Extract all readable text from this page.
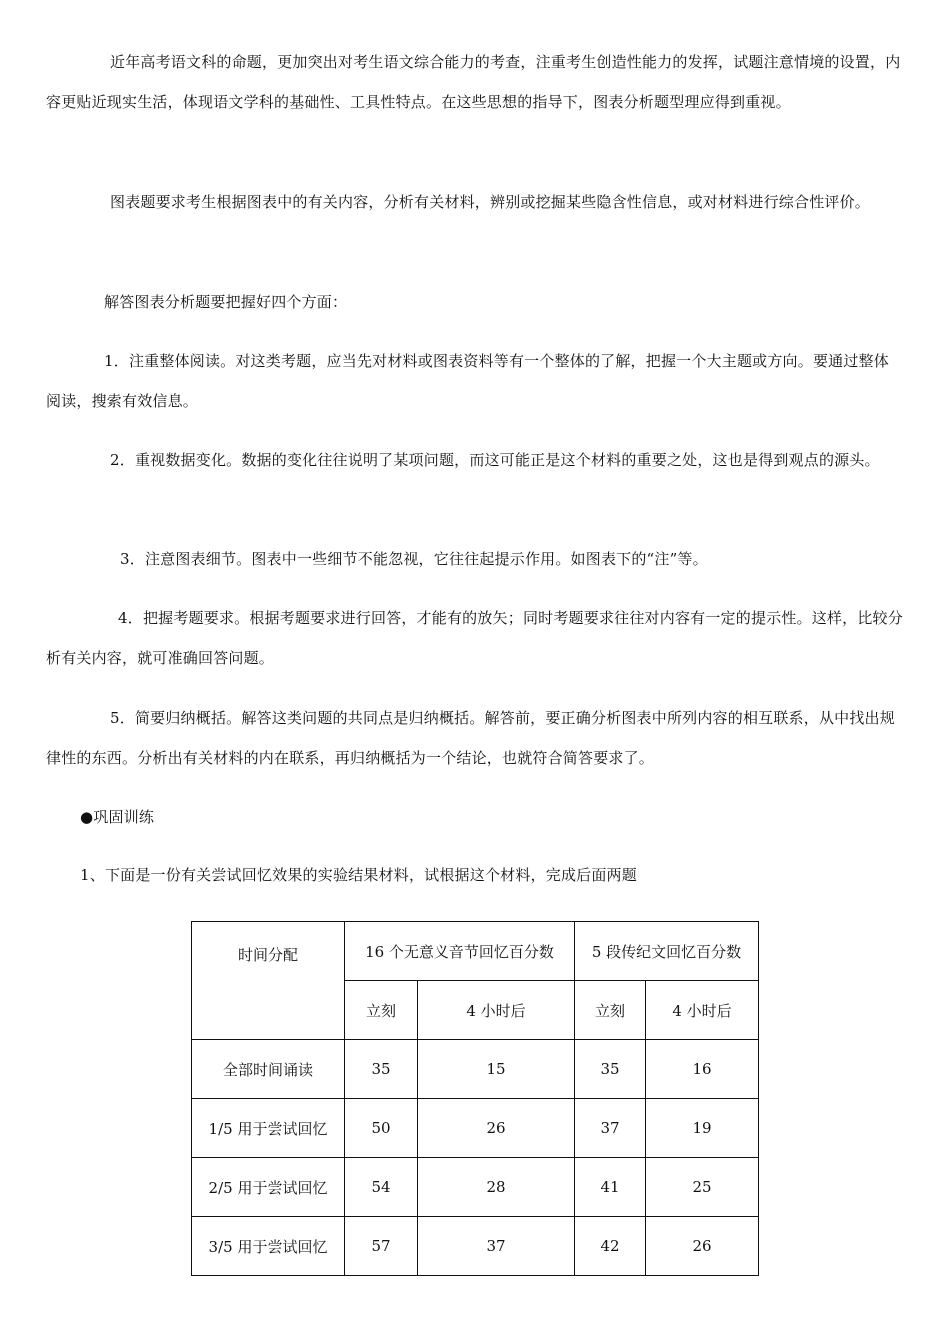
近年高考语文科的命题，更加突出对考生语文综合能力的考查，注重考生创造性能力的发挥，试题注意情境的设置，内容更贴近现实生活，体现语文学科的基础性、工具性特点。在这些思想的指导下，图表分析题型理应得到重视。

图表题要求考生根据图表中的有关内容，分析有关材料，辨别或挖掘某些隐含性信息，或对材料进行综合性评价。

解答图表分析题要把握好四个方面：

1．注重整体阅读。对这类考题，应当先对材料或图表资料等有一个整体的了解，把握一个大主题或方向。要通过整体阅读，搜索有效信息。

2．重视数据变化。数据的变化往往说明了某项问题，而这可能正是这个材料的重要之处，这也是得到观点的源头。

3．注意图表细节。图表中一些细节不能忽视，它往往起提示作用。如图表下的“注”等。

4．把握考题要求。根据考题要求进行回答，才能有的放矢；同时考题要求往往对内容有一定的提示性。这样，比较分析有关内容，就可准确回答问题。

5．简要归纳概括。解答这类问题的共同点是归纳概括。解答前，要正确分析图表中所列内容的相互联系，从中找出规律性的东西。分析出有关材料的内在联系，再归纳概括为一个结论，也就符合简答要求了。

●巩固训练

1、下面是一份有关尝试回忆效果的实验结果材料，试根据这个材料，完成后面两题

时间分配	16 个无意义音节回忆百分数		5 段传纪文回忆百分数	
	立刻	4 小时后	立刻	4 小时后
全部时间诵读	35	15	35	16
1/5 用于尝试回忆	50	26	37	19
2/5 用于尝试回忆	54	28	41	25
3/5 用于尝试回忆	57	37	42	26
